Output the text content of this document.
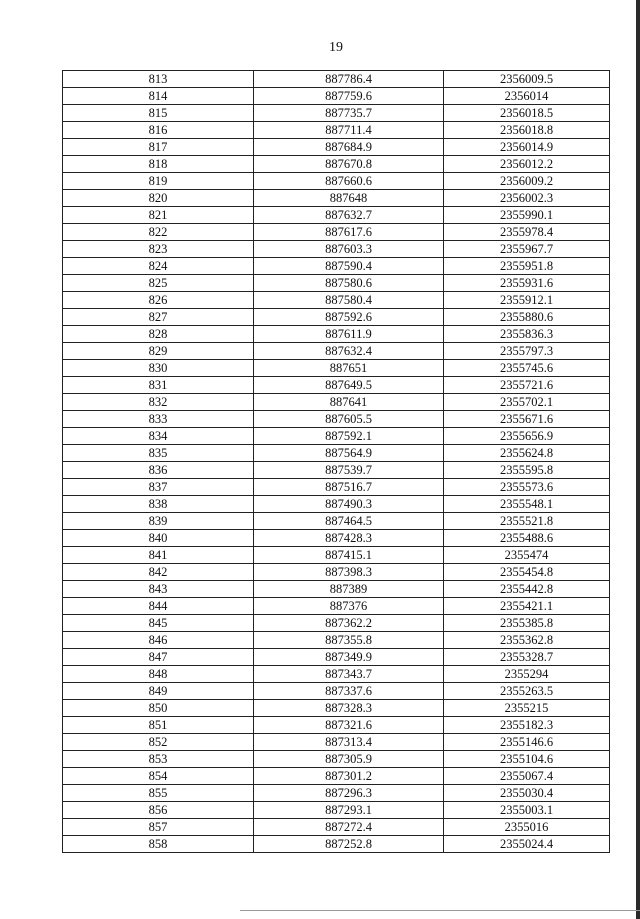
19
813	887786.4	2356009.5
814	887759.6	2356014
815	887735.7	2356018.5
816	887711.4	2356018.8
817	887684.9	2356014.9
818	887670.8	2356012.2
819	887660.6	2356009.2
820	887648	2356002.3
821	887632.7	2355990.1
822	887617.6	2355978.4
823	887603.3	2355967.7
824	887590.4	2355951.8
825	887580.6	2355931.6
826	887580.4	2355912.1
827	887592.6	2355880.6
828	887611.9	2355836.3
829	887632.4	2355797.3
830	887651	2355745.6
831	887649.5	2355721.6
832	887641	2355702.1
833	887605.5	2355671.6
834	887592.1	2355656.9
835	887564.9	2355624.8
836	887539.7	2355595.8
837	887516.7	2355573.6
838	887490.3	2355548.1
839	887464.5	2355521.8
840	887428.3	2355488.6
841	887415.1	2355474
842	887398.3	2355454.8
843	887389	2355442.8
844	887376	2355421.1
845	887362.2	2355385.8
846	887355.8	2355362.8
847	887349.9	2355328.7
848	887343.7	2355294
849	887337.6	2355263.5
850	887328.3	2355215
851	887321.6	2355182.3
852	887313.4	2355146.6
853	887305.9	2355104.6
854	887301.2	2355067.4
855	887296.3	2355030.4
856	887293.1	2355003.1
857	887272.4	2355016
858	887252.8	2355024.4
